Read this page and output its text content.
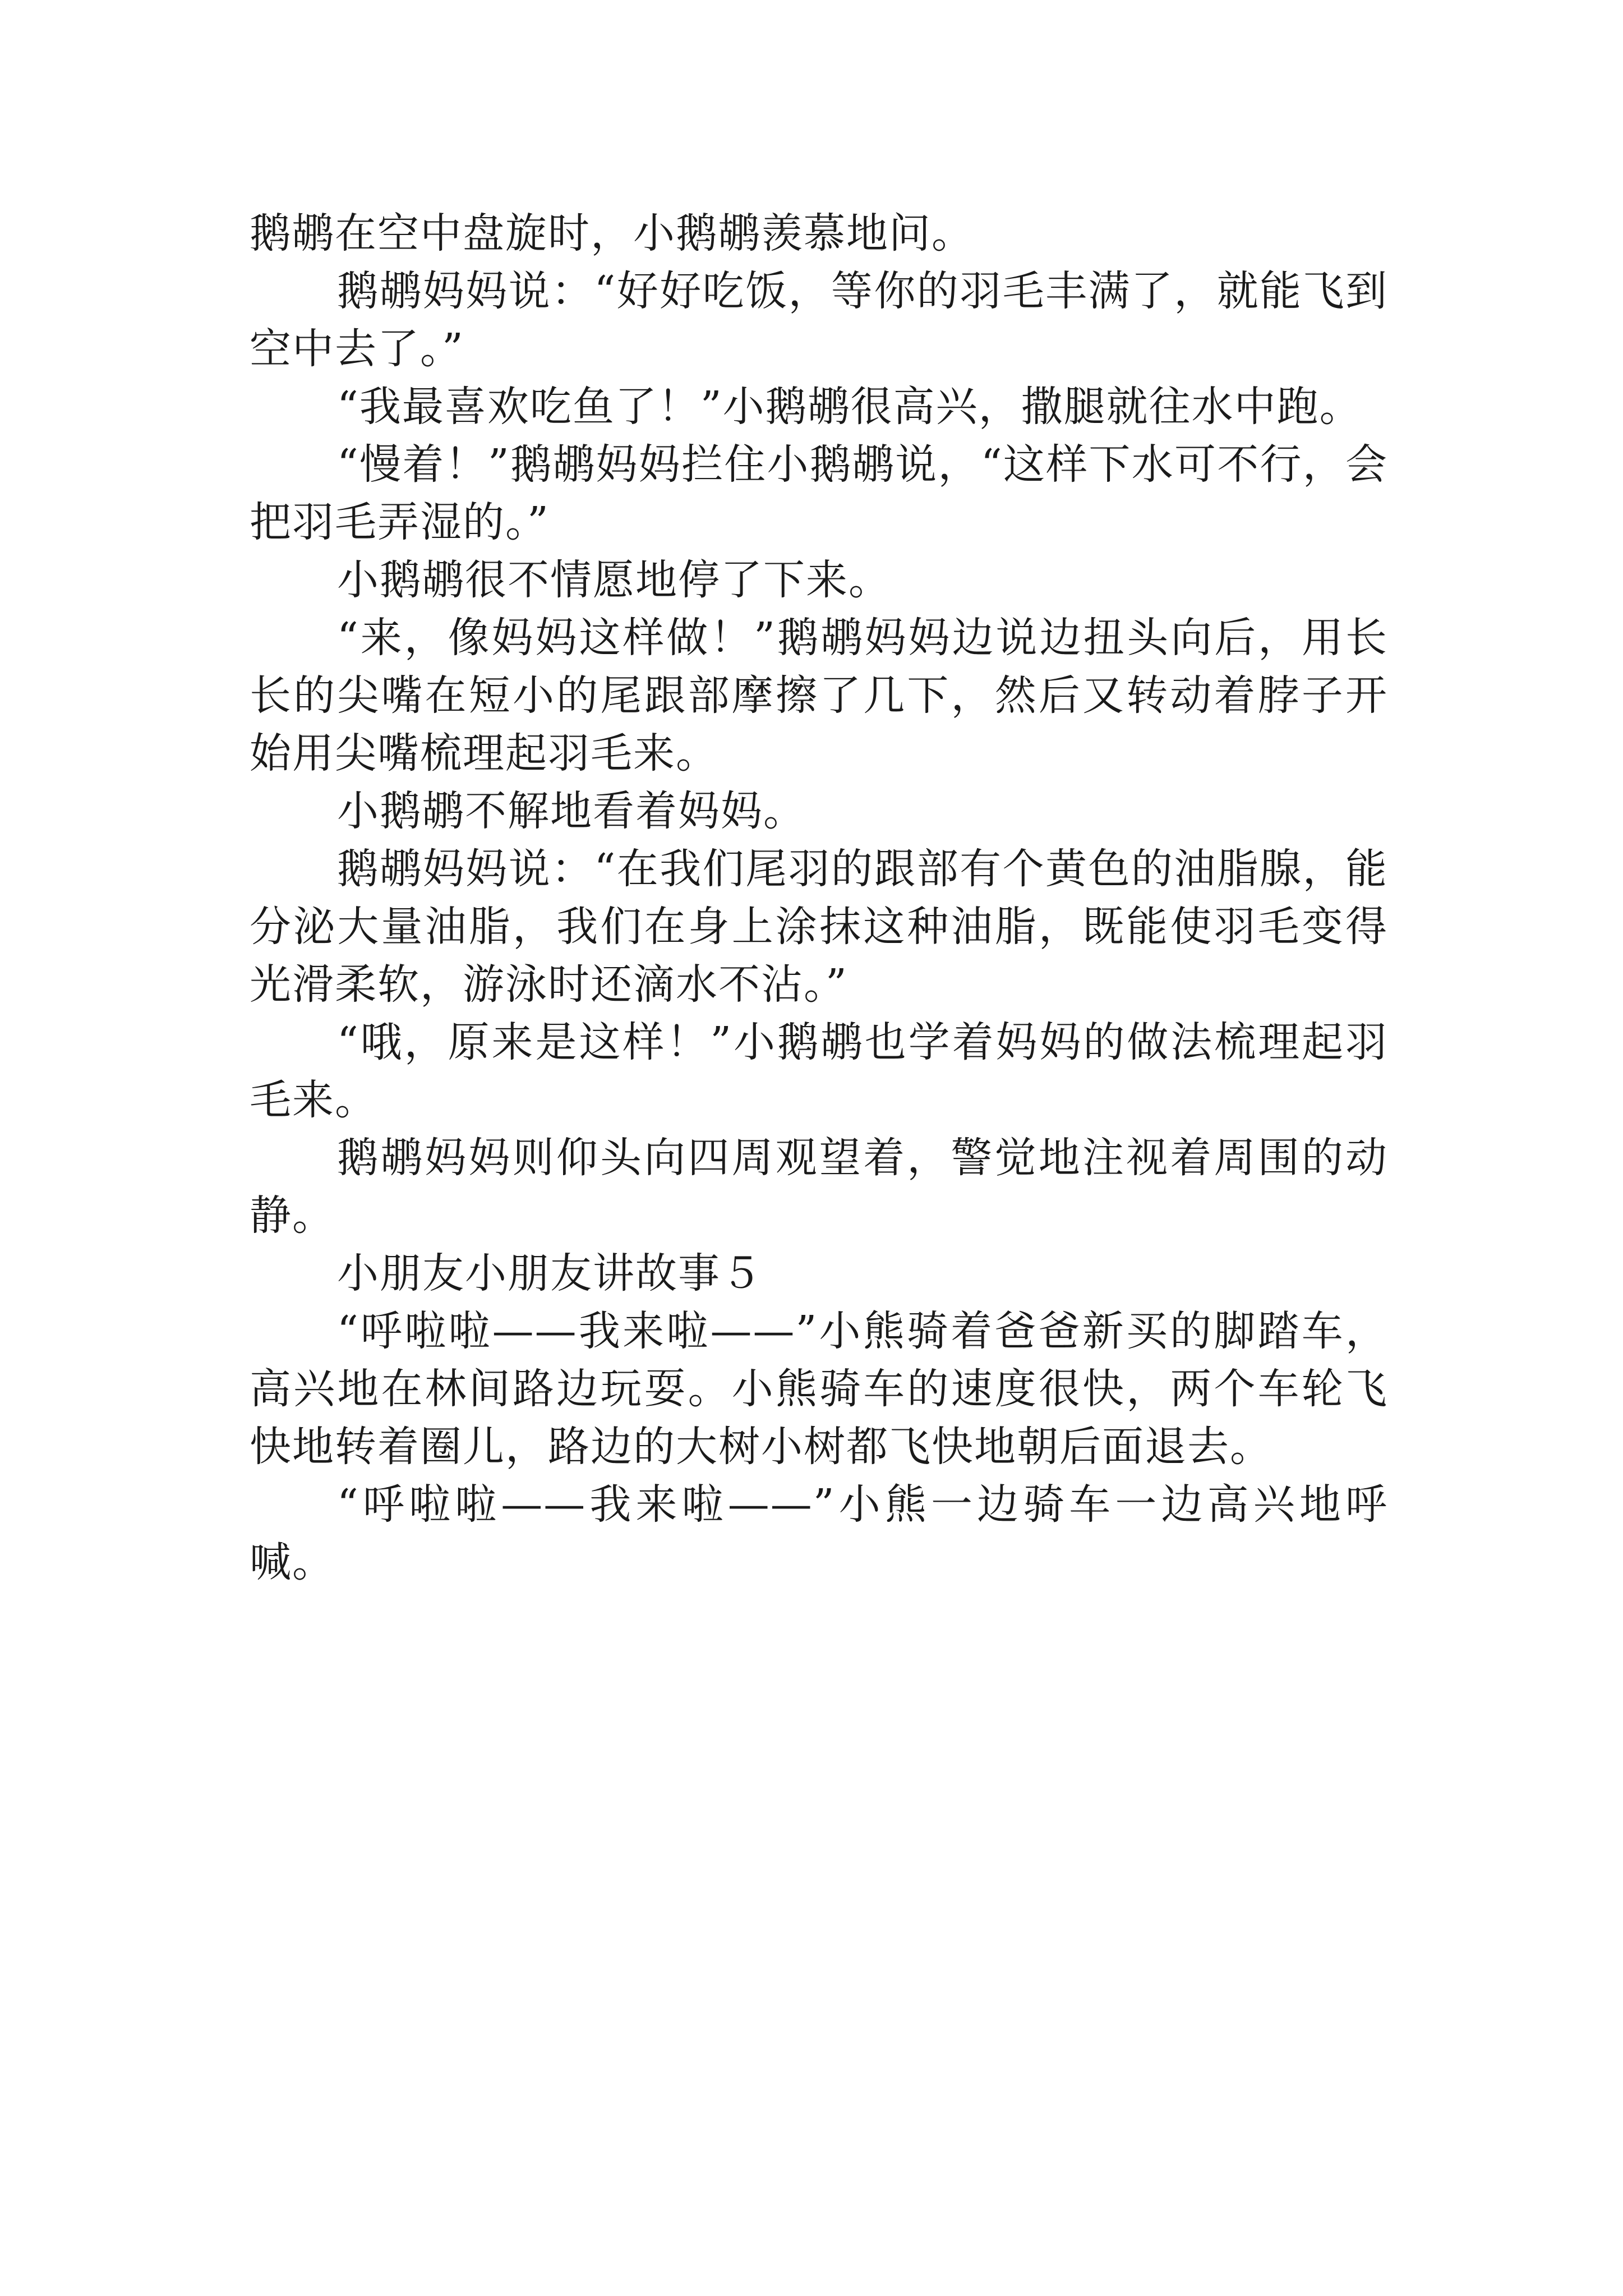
鹅鹕在空中盘旋时，小鹅鹕羡慕地问。

鹅鹕妈妈说：“好好吃饭，等你的羽毛丰满了，就能飞到空中去了。”

“我最喜欢吃鱼了！”小鹅鹕很高兴，撒腿就往水中跑。

“慢着！”鹅鹕妈妈拦住小鹅鹕说，“这样下水可不行，会把羽毛弄湿的。”

小鹅鹕很不情愿地停了下来。

“来，像妈妈这样做！”鹅鹕妈妈边说边扭头向后，用长长的尖嘴在短小的尾跟部摩擦了几下，然后又转动着脖子开始用尖嘴梳理起羽毛来。

小鹅鹕不解地看着妈妈。

鹅鹕妈妈说：“在我们尾羽的跟部有个黄色的油脂腺，能分泌大量油脂，我们在身上涂抹这种油脂，既能使羽毛变得光滑柔软，游泳时还滴水不沾。”

“哦，原来是这样！”小鹅鹕也学着妈妈的做法梳理起羽毛来。

鹅鹕妈妈则仰头向四周观望着，警觉地注视着周围的动静。

小朋友小朋友讲故事５

“呼啦啦——我来啦——”小熊骑着爸爸新买的脚踏车，高兴地在林间路边玩耍。小熊骑车的速度很快，两个车轮飞快地转着圈儿，路边的大树小树都飞快地朝后面退去。

“呼啦啦——我来啦——”小熊一边骑车一边高兴地呼喊。
